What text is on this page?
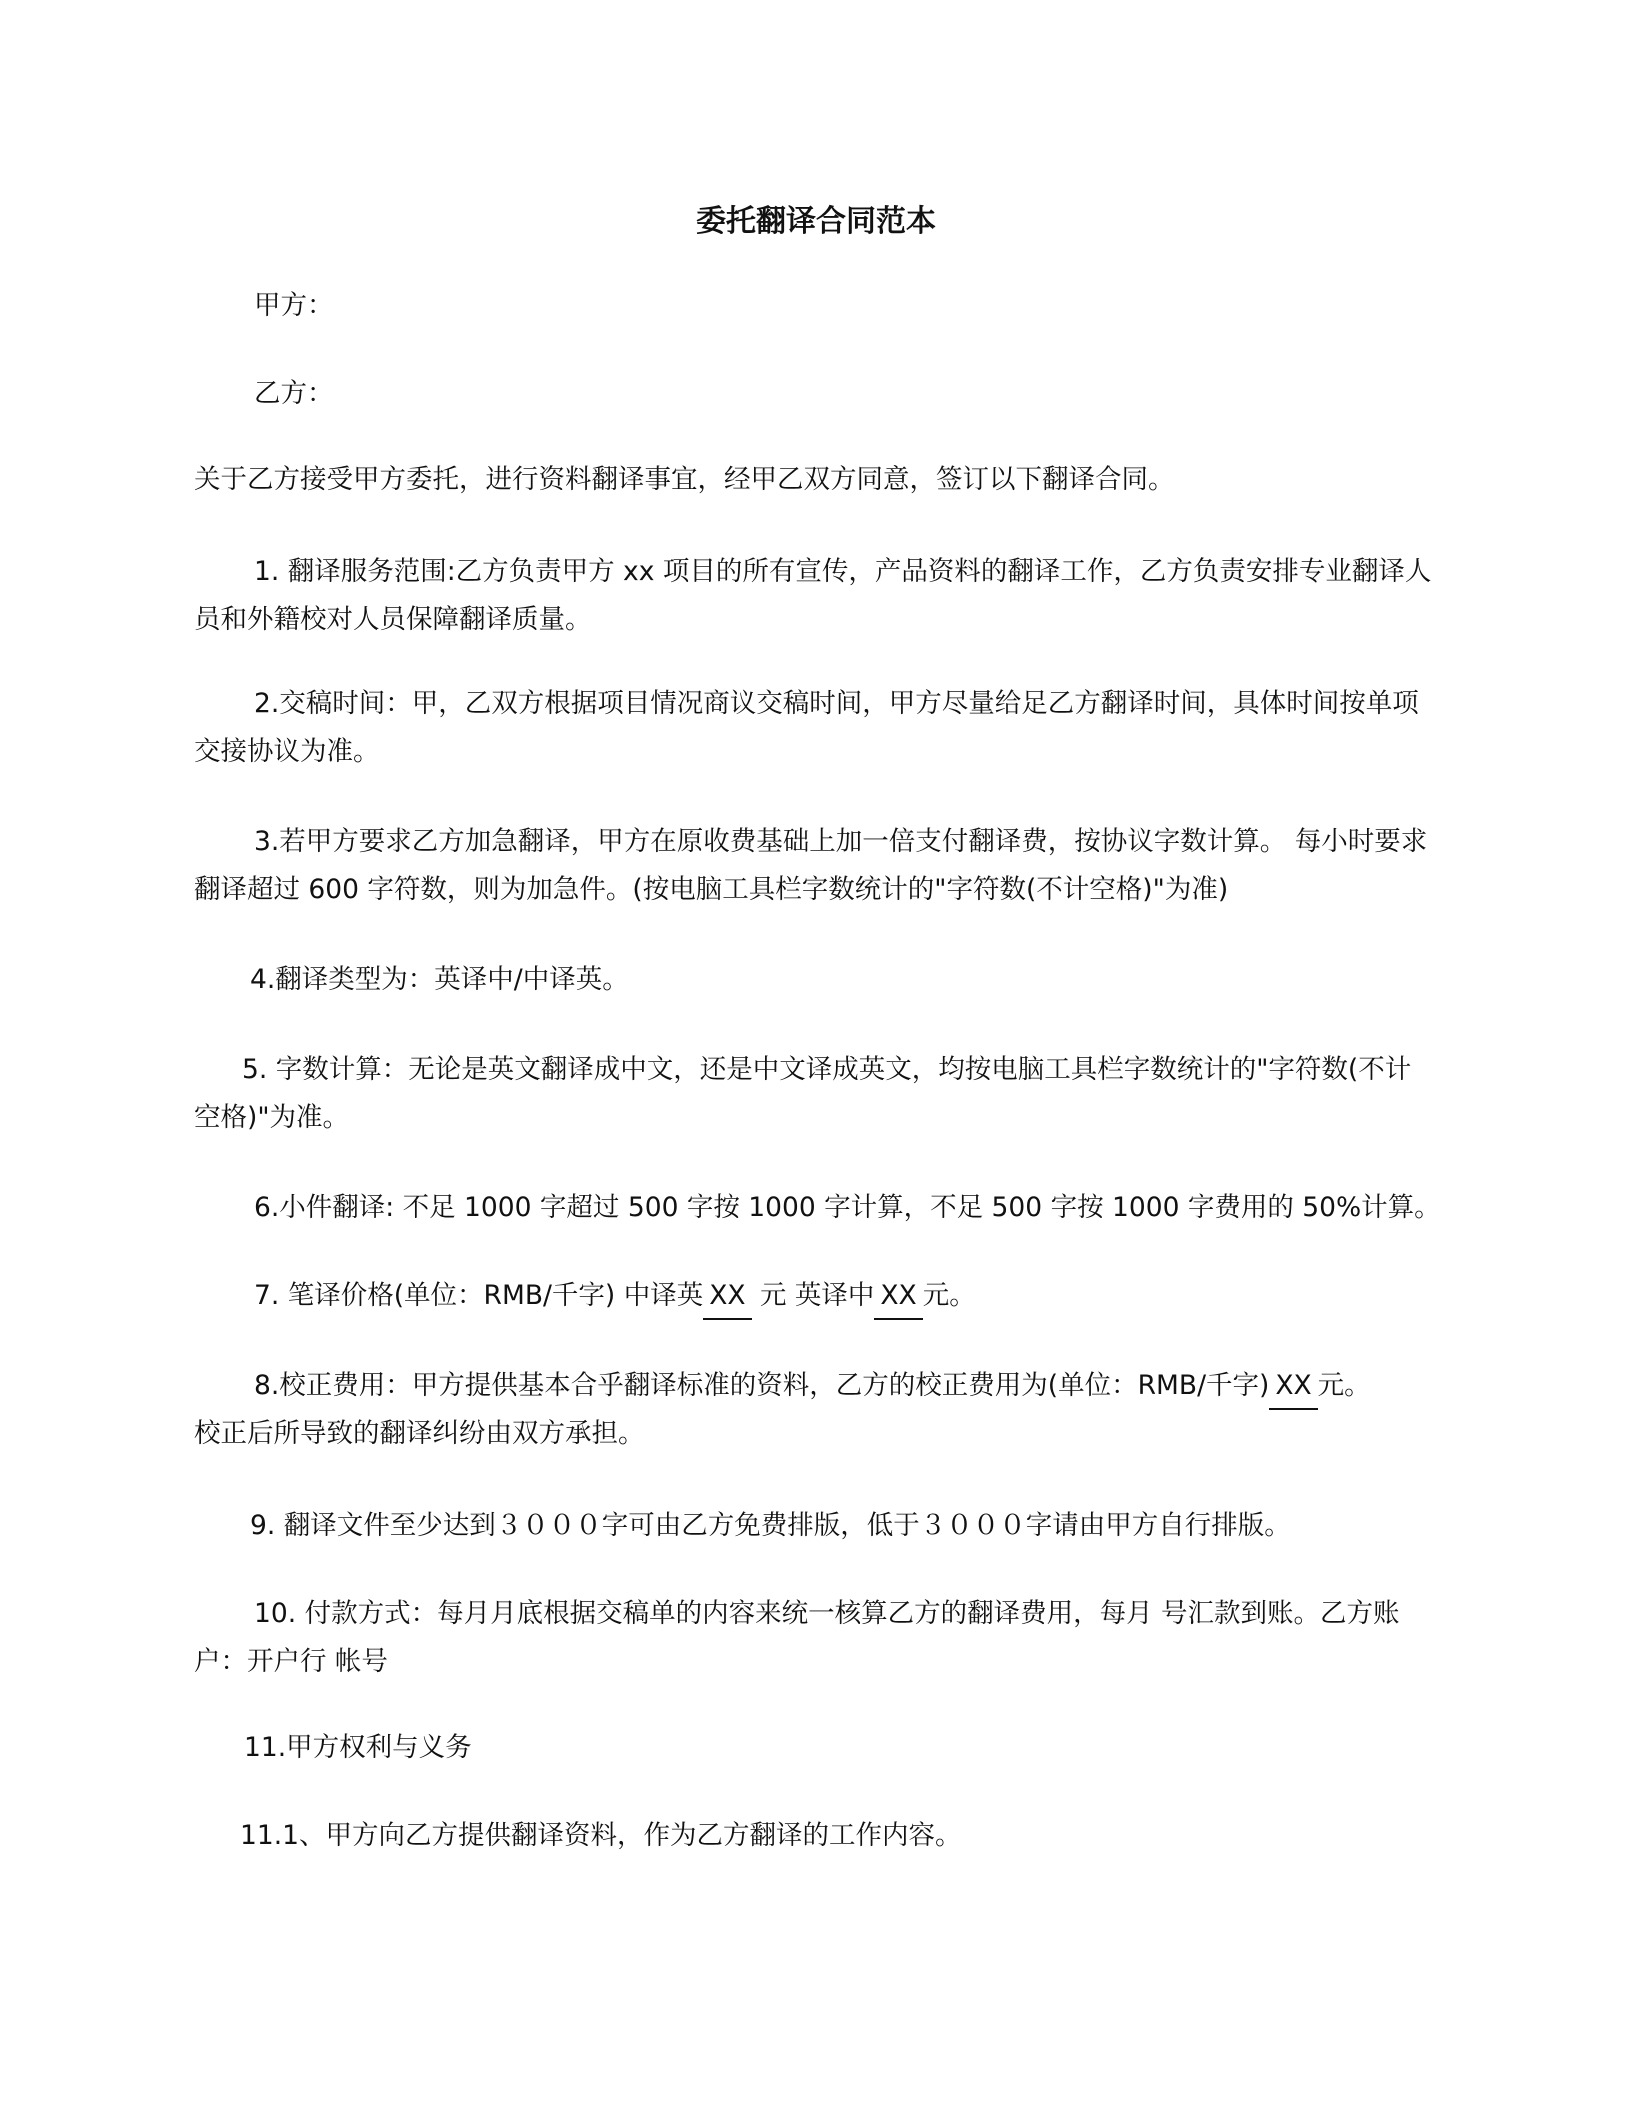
委托翻译合同范本
甲方：
乙方：
关于乙方接受甲方委托，进行资料翻译事宜，经甲乙双方同意，签订以下翻译合同。
1. 翻译服务范围:乙方负责甲方 xx 项目的所有宣传，产品资料的翻译工作，乙方负责安排专业翻译人员和外籍校对人员保障翻译质量。
2.交稿时间：甲，乙双方根据项目情况商议交稿时间，甲方尽量给足乙方翻译时间，具体时间按单项交接协议为准。
3.若甲方要求乙方加急翻译，甲方在原收费基础上加一倍支付翻译费，按协议字数计算。 每小时要求翻译超过 600 字符数，则为加急件。(按电脑工具栏字数统计的"字符数(不计空格)"为准)
4.翻译类型为：英译中/中译英。
5. 字数计算：无论是英文翻译成中文，还是中文译成英文，均按电脑工具栏字数统计的"字符数(不计空格)"为准。
6.小件翻译: 不足 1000 字超过 500 字按 1000 字计算，不足 500 字按 1000 字费用的 50%计算。
7. 笔译价格(单位：RMB/千字) 中译英 XX 元 英译中 XX 元。
8.校正费用：甲方提供基本合乎翻译标准的资料，乙方的校正费用为(单位：RMB/千字) XX 元。
校正后所导致的翻译纠纷由双方承担。
9. 翻译文件至少达到３０００字可由乙方免费排版，低于３０００字请由甲方自行排版。
10. 付款方式：每月月底根据交稿单的内容来统一核算乙方的翻译费用，每月 号汇款到账。乙方账户：开户行 帐号
11.甲方权利与义务
11.1、甲方向乙方提供翻译资料，作为乙方翻译的工作内容。
